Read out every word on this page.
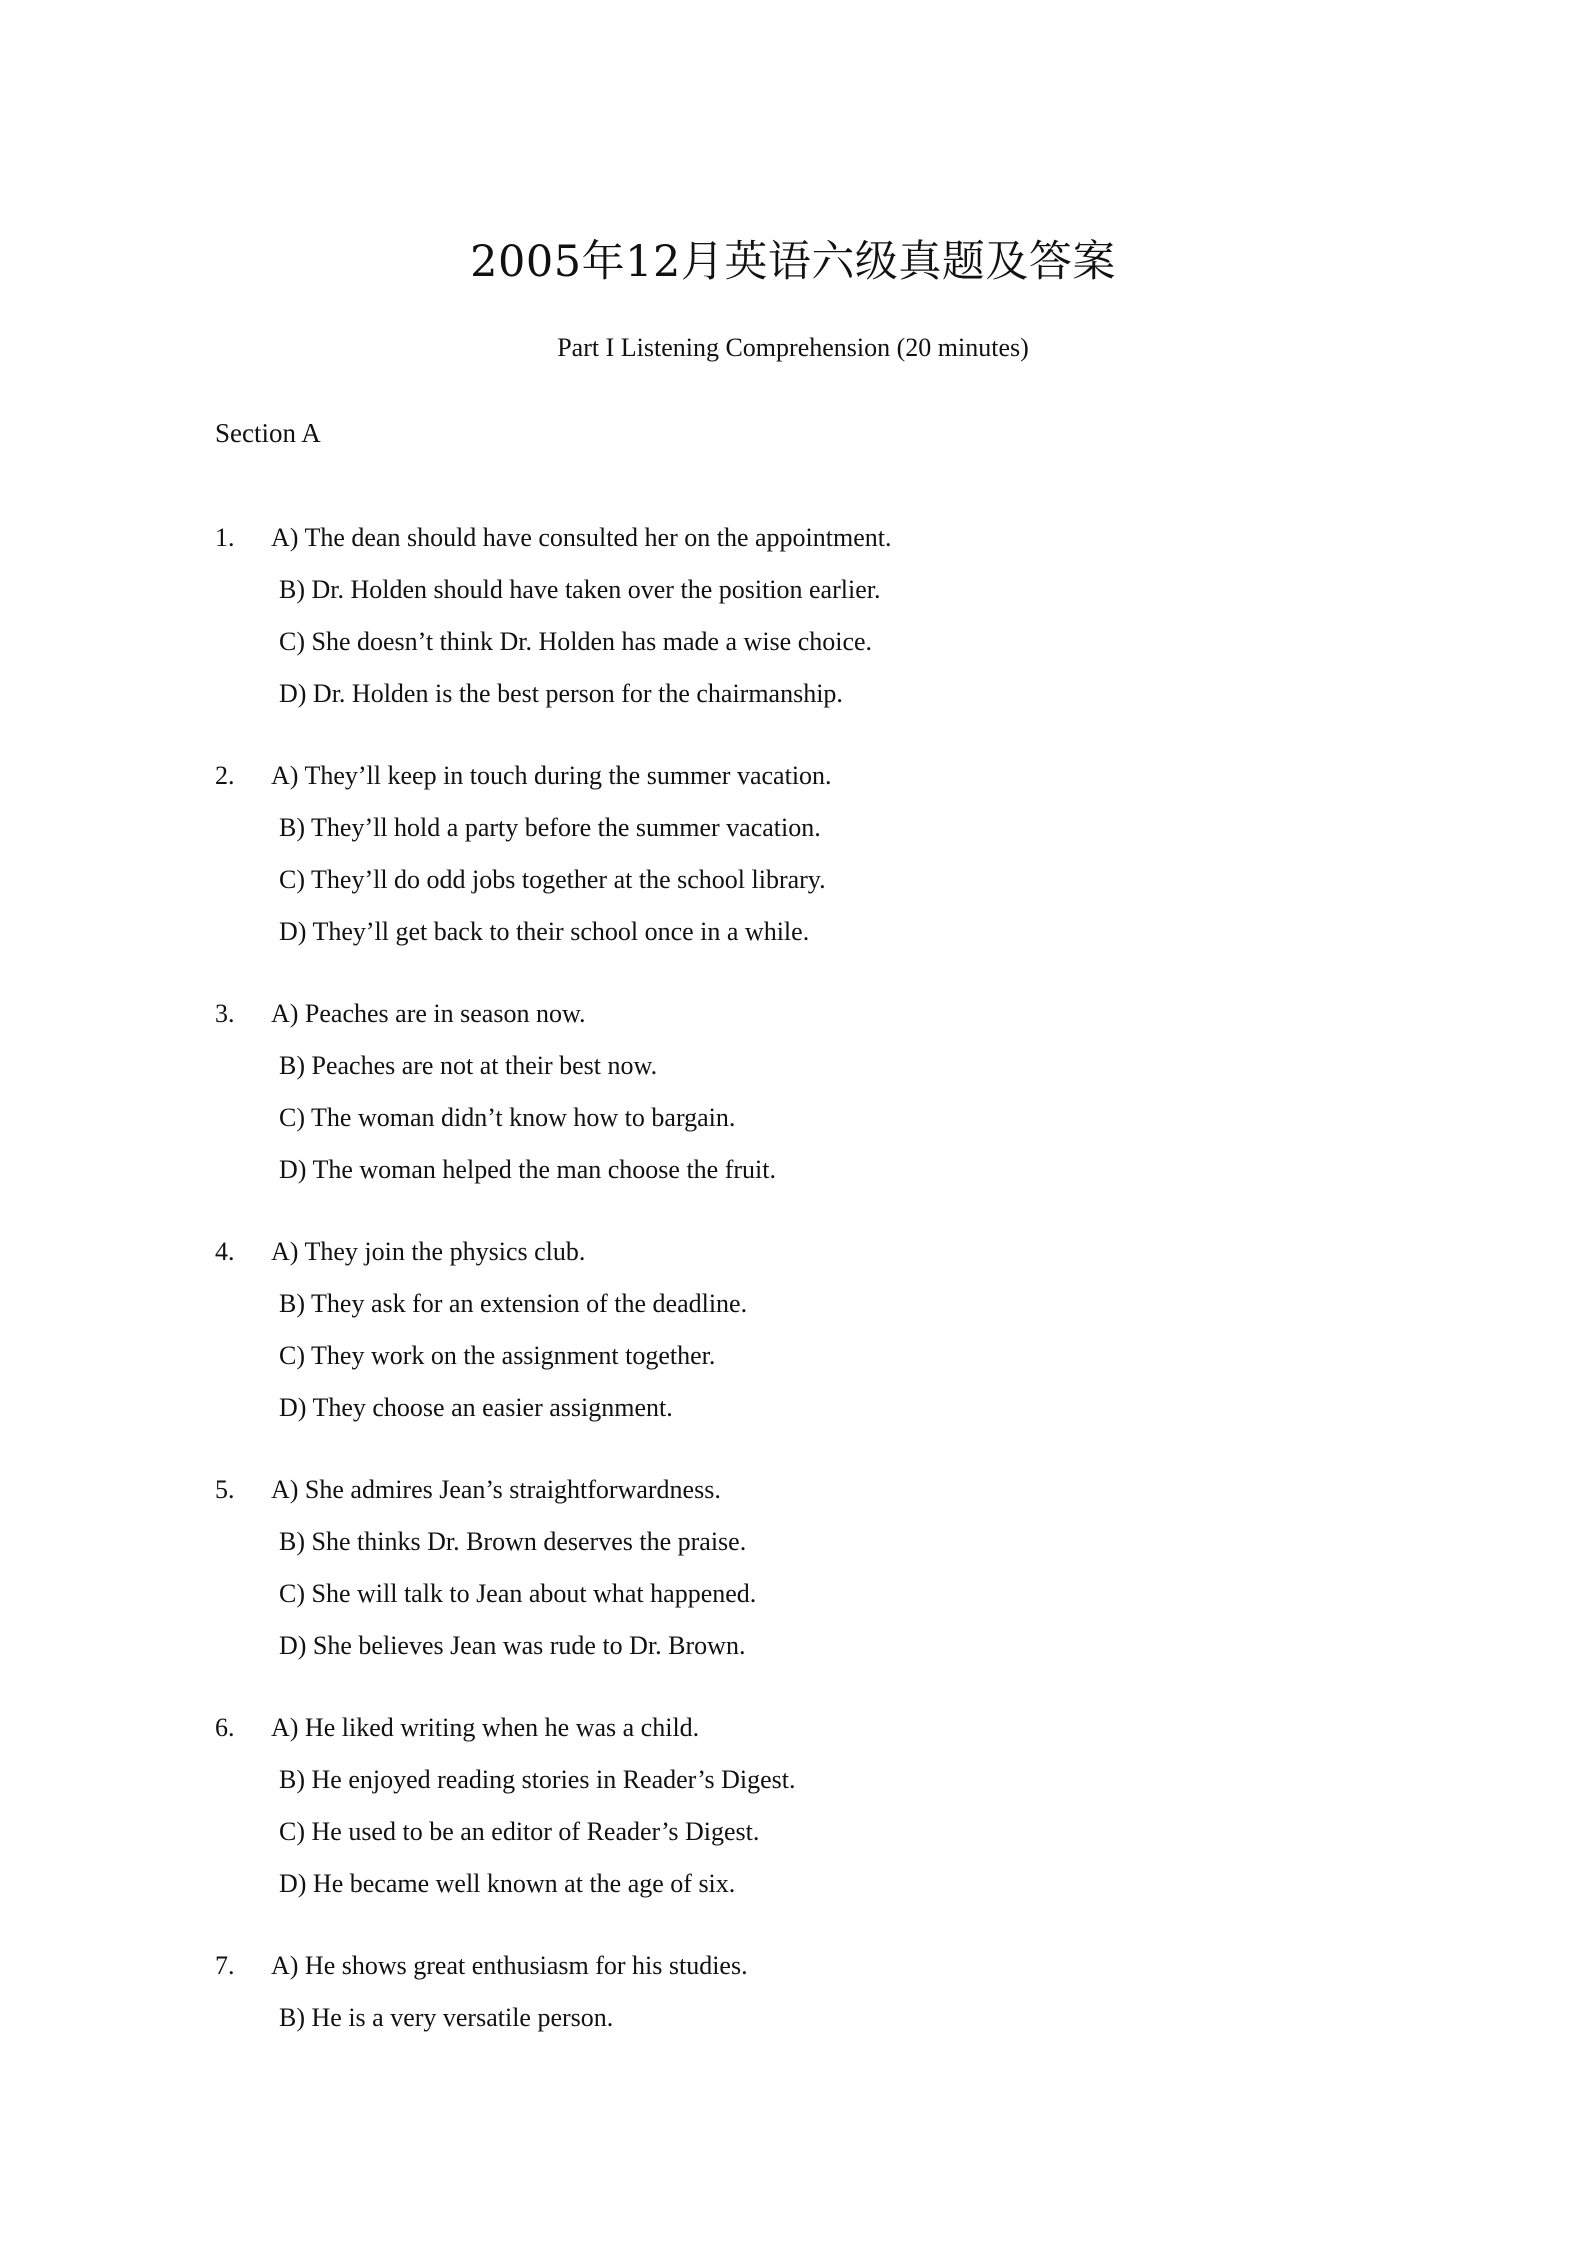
2005年12月英语六级真题及答案
Part I Listening Comprehension (20 minutes)
Section A
1. A) The dean should have consulted her on the appointment.
B) Dr. Holden should have taken over the position earlier.
C) She doesn’t think Dr. Holden has made a wise choice.
D) Dr. Holden is the best person for the chairmanship.
2. A) They’ll keep in touch during the summer vacation.
B) They’ll hold a party before the summer vacation.
C) They’ll do odd jobs together at the school library.
D) They’ll get back to their school once in a while.
3. A) Peaches are in season now.
B) Peaches are not at their best now.
C) The woman didn’t know how to bargain.
D) The woman helped the man choose the fruit.
4. A) They join the physics club.
B) They ask for an extension of the deadline.
C) They work on the assignment together.
D) They choose an easier assignment.
5. A) She admires Jean’s straightforwardness.
B) She thinks Dr. Brown deserves the praise.
C) She will talk to Jean about what happened.
D) She believes Jean was rude to Dr. Brown.
6. A) He liked writing when he was a child.
B) He enjoyed reading stories in Reader’s Digest.
C) He used to be an editor of Reader’s Digest.
D) He became well known at the age of six.
7. A) He shows great enthusiasm for his studies.
B) He is a very versatile person.
